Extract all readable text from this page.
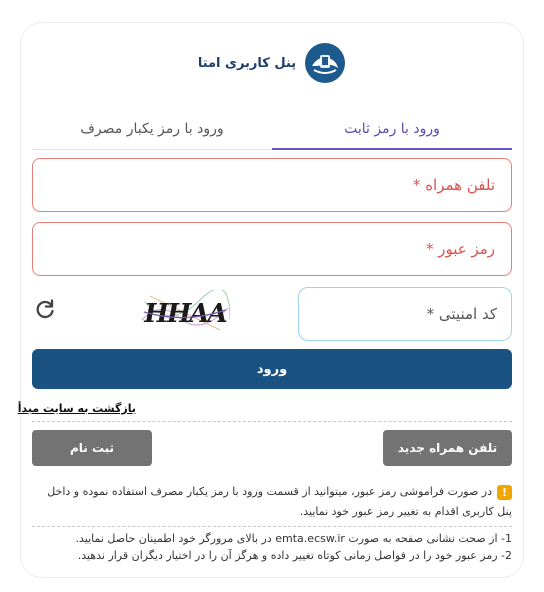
پنل کاربری امتا
ورود با رمز ثابت
ورود با رمز یکبار مصرف
تلفن همراه *
رمز عبور *
کد امنیتی *
HHAA
ورود
بازگشت به سایت مبدأ
تلفن همراه جدید
ثبت نام
!در صورت فراموشی رمز عبور، میتوانید از قسمت ورود با رمز یکبار مصرف استفاده نموده و داخل پنل کاربری اقدام به تغییر رمز عبور خود نمایید.
1- از صحت نشانی صفحه به صورت emta.ecsw.ir در بالای مرورگر خود اطمینان حاصل نمایید.
2- رمز عبور خود را در فواصل زمانی کوتاه تغییر داده و هرگز آن را در اختیار دیگران قرار ندهید.
